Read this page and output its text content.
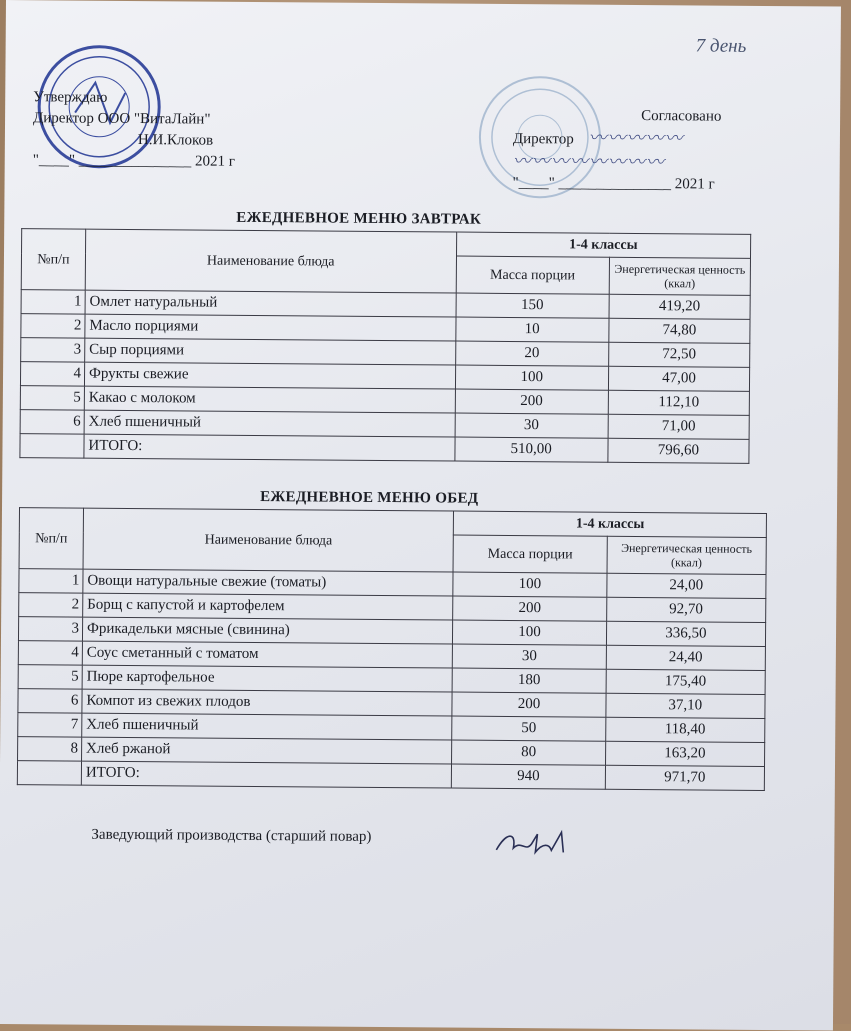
7 день
Утверждаю
Директор ООО "ВитаЛайн"
Н.И.Клоков
"____" _______________ 2021 г
Согласовано
Директор   〰〰〰〰〰
〰〰〰〰〰〰〰〰
"____" _______________ 2021 г
ЕЖЕДНЕВНОЕ МЕНЮ ЗАВТРАК
№п/п	Наименование блюда	1-4 классы	
		Масса порции	Энергетическая ценность (ккал)
1	Омлет натуральный	150	419,20
2	Масло порциями	10	74,80
3	Сыр порциями	20	72,50
4	Фрукты свежие	100	47,00
5	Какао с молоком	200	112,10
6	Хлеб пшеничный	30	71,00
	ИТОГО:	510,00	796,60
ЕЖЕДНЕВНОЕ МЕНЮ ОБЕД
№п/п	Наименование блюда	1-4 классы	
		Масса порции	Энергетическая ценность (ккал)
1	Овощи натуральные свежие (томаты)	100	24,00
2	Борщ с капустой и картофелем	200	92,70
3	Фрикадельки мясные (свинина)	100	336,50
4	Соус сметанный с томатом	30	24,40
5	Пюре картофельное	180	175,40
6	Компот из свежих плодов	200	37,10
7	Хлеб пшеничный	50	118,40
8	Хлеб ржаной	80	163,20
	ИТОГО:	940	971,70
Заведующий производства (старший повар)
